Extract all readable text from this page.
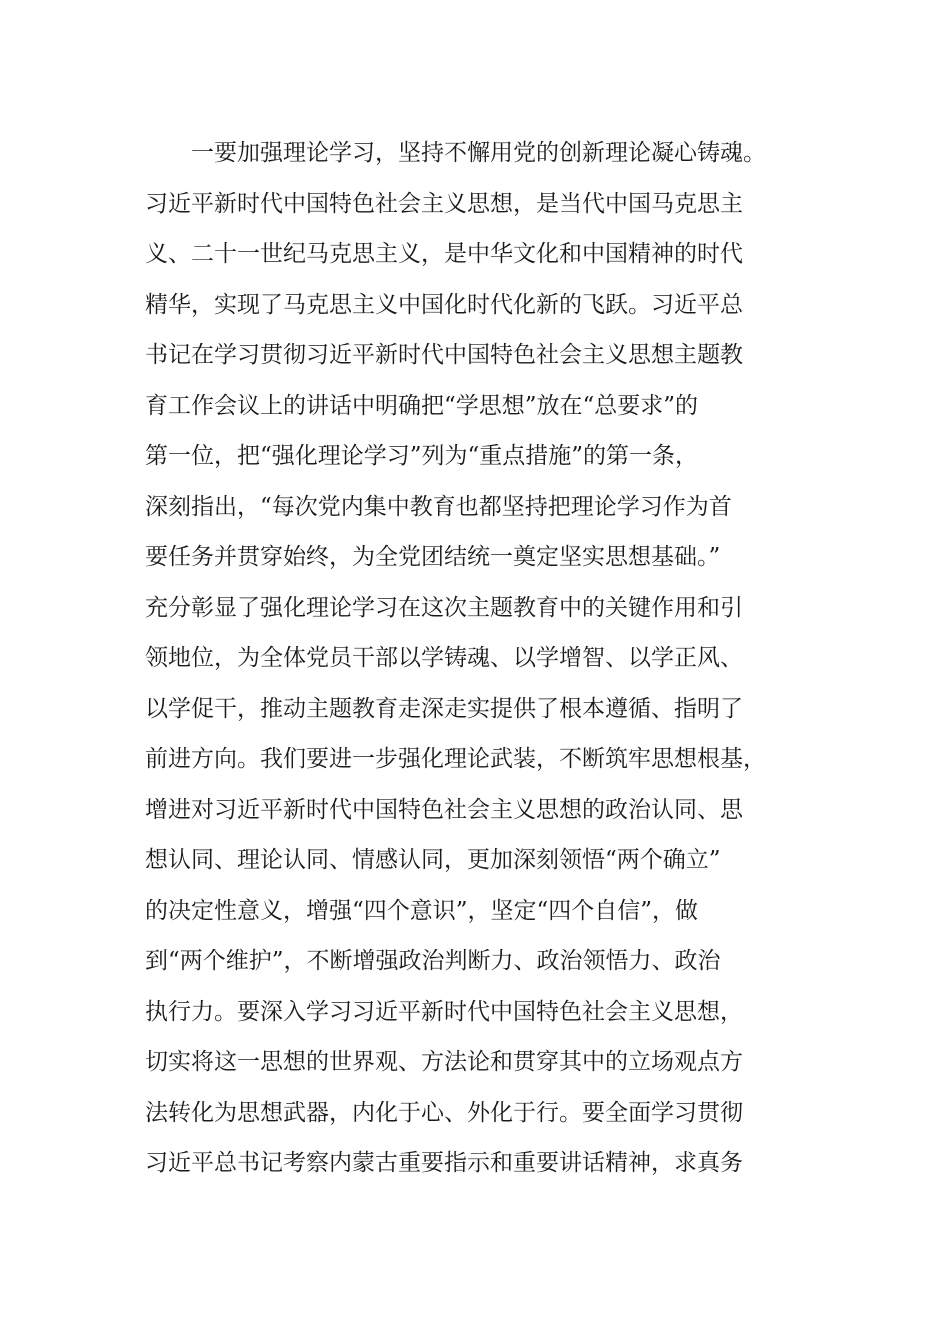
　　一要加强理论学习，坚持不懈用党的创新理论凝心铸魂。
习近平新时代中国特色社会主义思想，是当代中国马克思主
义、二十一世纪马克思主义，是中华文化和中国精神的时代
精华，实现了马克思主义中国化时代化新的飞跃。习近平总
书记在学习贯彻习近平新时代中国特色社会主义思想主题教
育工作会议上的讲话中明确把“学思想”放在“总要求”的
第一位，把“强化理论学习”列为“重点措施”的第一条，
深刻指出，“每次党内集中教育也都坚持把理论学习作为首
要任务并贯穿始终，为全党团结统一奠定坚实思想基础。”
充分彰显了强化理论学习在这次主题教育中的关键作用和引
领地位，为全体党员干部以学铸魂、以学增智、以学正风、
以学促干，推动主题教育走深走实提供了根本遵循、指明了
前进方向。我们要进一步强化理论武装，不断筑牢思想根基，
增进对习近平新时代中国特色社会主义思想的政治认同、思
想认同、理论认同、情感认同，更加深刻领悟“两个确立”
的决定性意义，增强“四个意识”，坚定“四个自信”，做
到“两个维护”，不断增强政治判断力、政治领悟力、政治
执行力。要深入学习习近平新时代中国特色社会主义思想，
切实将这一思想的世界观、方法论和贯穿其中的立场观点方
法转化为思想武器，内化于心、外化于行。要全面学习贯彻
习近平总书记考察内蒙古重要指示和重要讲话精神，求真务
